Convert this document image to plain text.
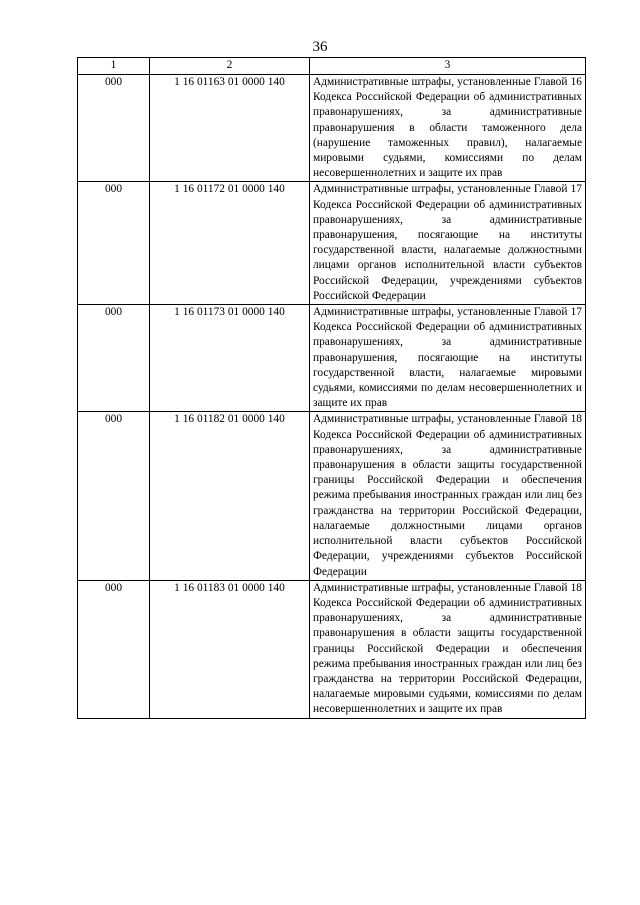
36
1	2	3
000	1 16 01163 01 0000 140	Административные штрафы, установленные Главой 16 Кодекса Российской Федерации об административных правонарушениях, за административные правонарушения в области таможенного дела (нарушение таможенных правил), налагаемые мировыми судьями, комиссиями по делам несовершеннолетних и защите их прав
000	1 16 01172 01 0000 140	Административные штрафы, установленные Главой 17 Кодекса Российской Федерации об административных правонарушениях, за административные правонарушения, посягающие на институты государственной власти, налагаемые должностными лицами органов исполнительной власти субъектов Российской Федерации, учреждениями субъектов Российской Федерации
000	1 16 01173 01 0000 140	Административные штрафы, установленные Главой 17 Кодекса Российской Федерации об административных правонарушениях, за административные правонарушения, посягающие на институты государственной власти, налагаемые мировыми судьями, комиссиями по делам несовершеннолетних и защите их прав
000	1 16 01182 01 0000 140	Административные штрафы, установленные Главой 18 Кодекса Российской Федерации об административных правонарушениях, за административные правонарушения в области защиты государственной границы Российской Федерации и обеспечения режима пребывания иностранных граждан или лиц без гражданства на территории Российской Федерации, налагаемые должностными лицами органов исполнительной власти субъектов Российской Федерации, учреждениями субъектов Российской Федерации
000	1 16 01183 01 0000 140	Административные штрафы, установленные Главой 18 Кодекса Российской Федерации об административных правонарушениях, за административные правонарушения в области защиты государственной границы Российской Федерации и обеспечения режима пребывания иностранных граждан или лиц без гражданства на территории Российской Федерации, налагаемые мировыми судьями, комиссиями по делам несовершеннолетних и защите их прав
